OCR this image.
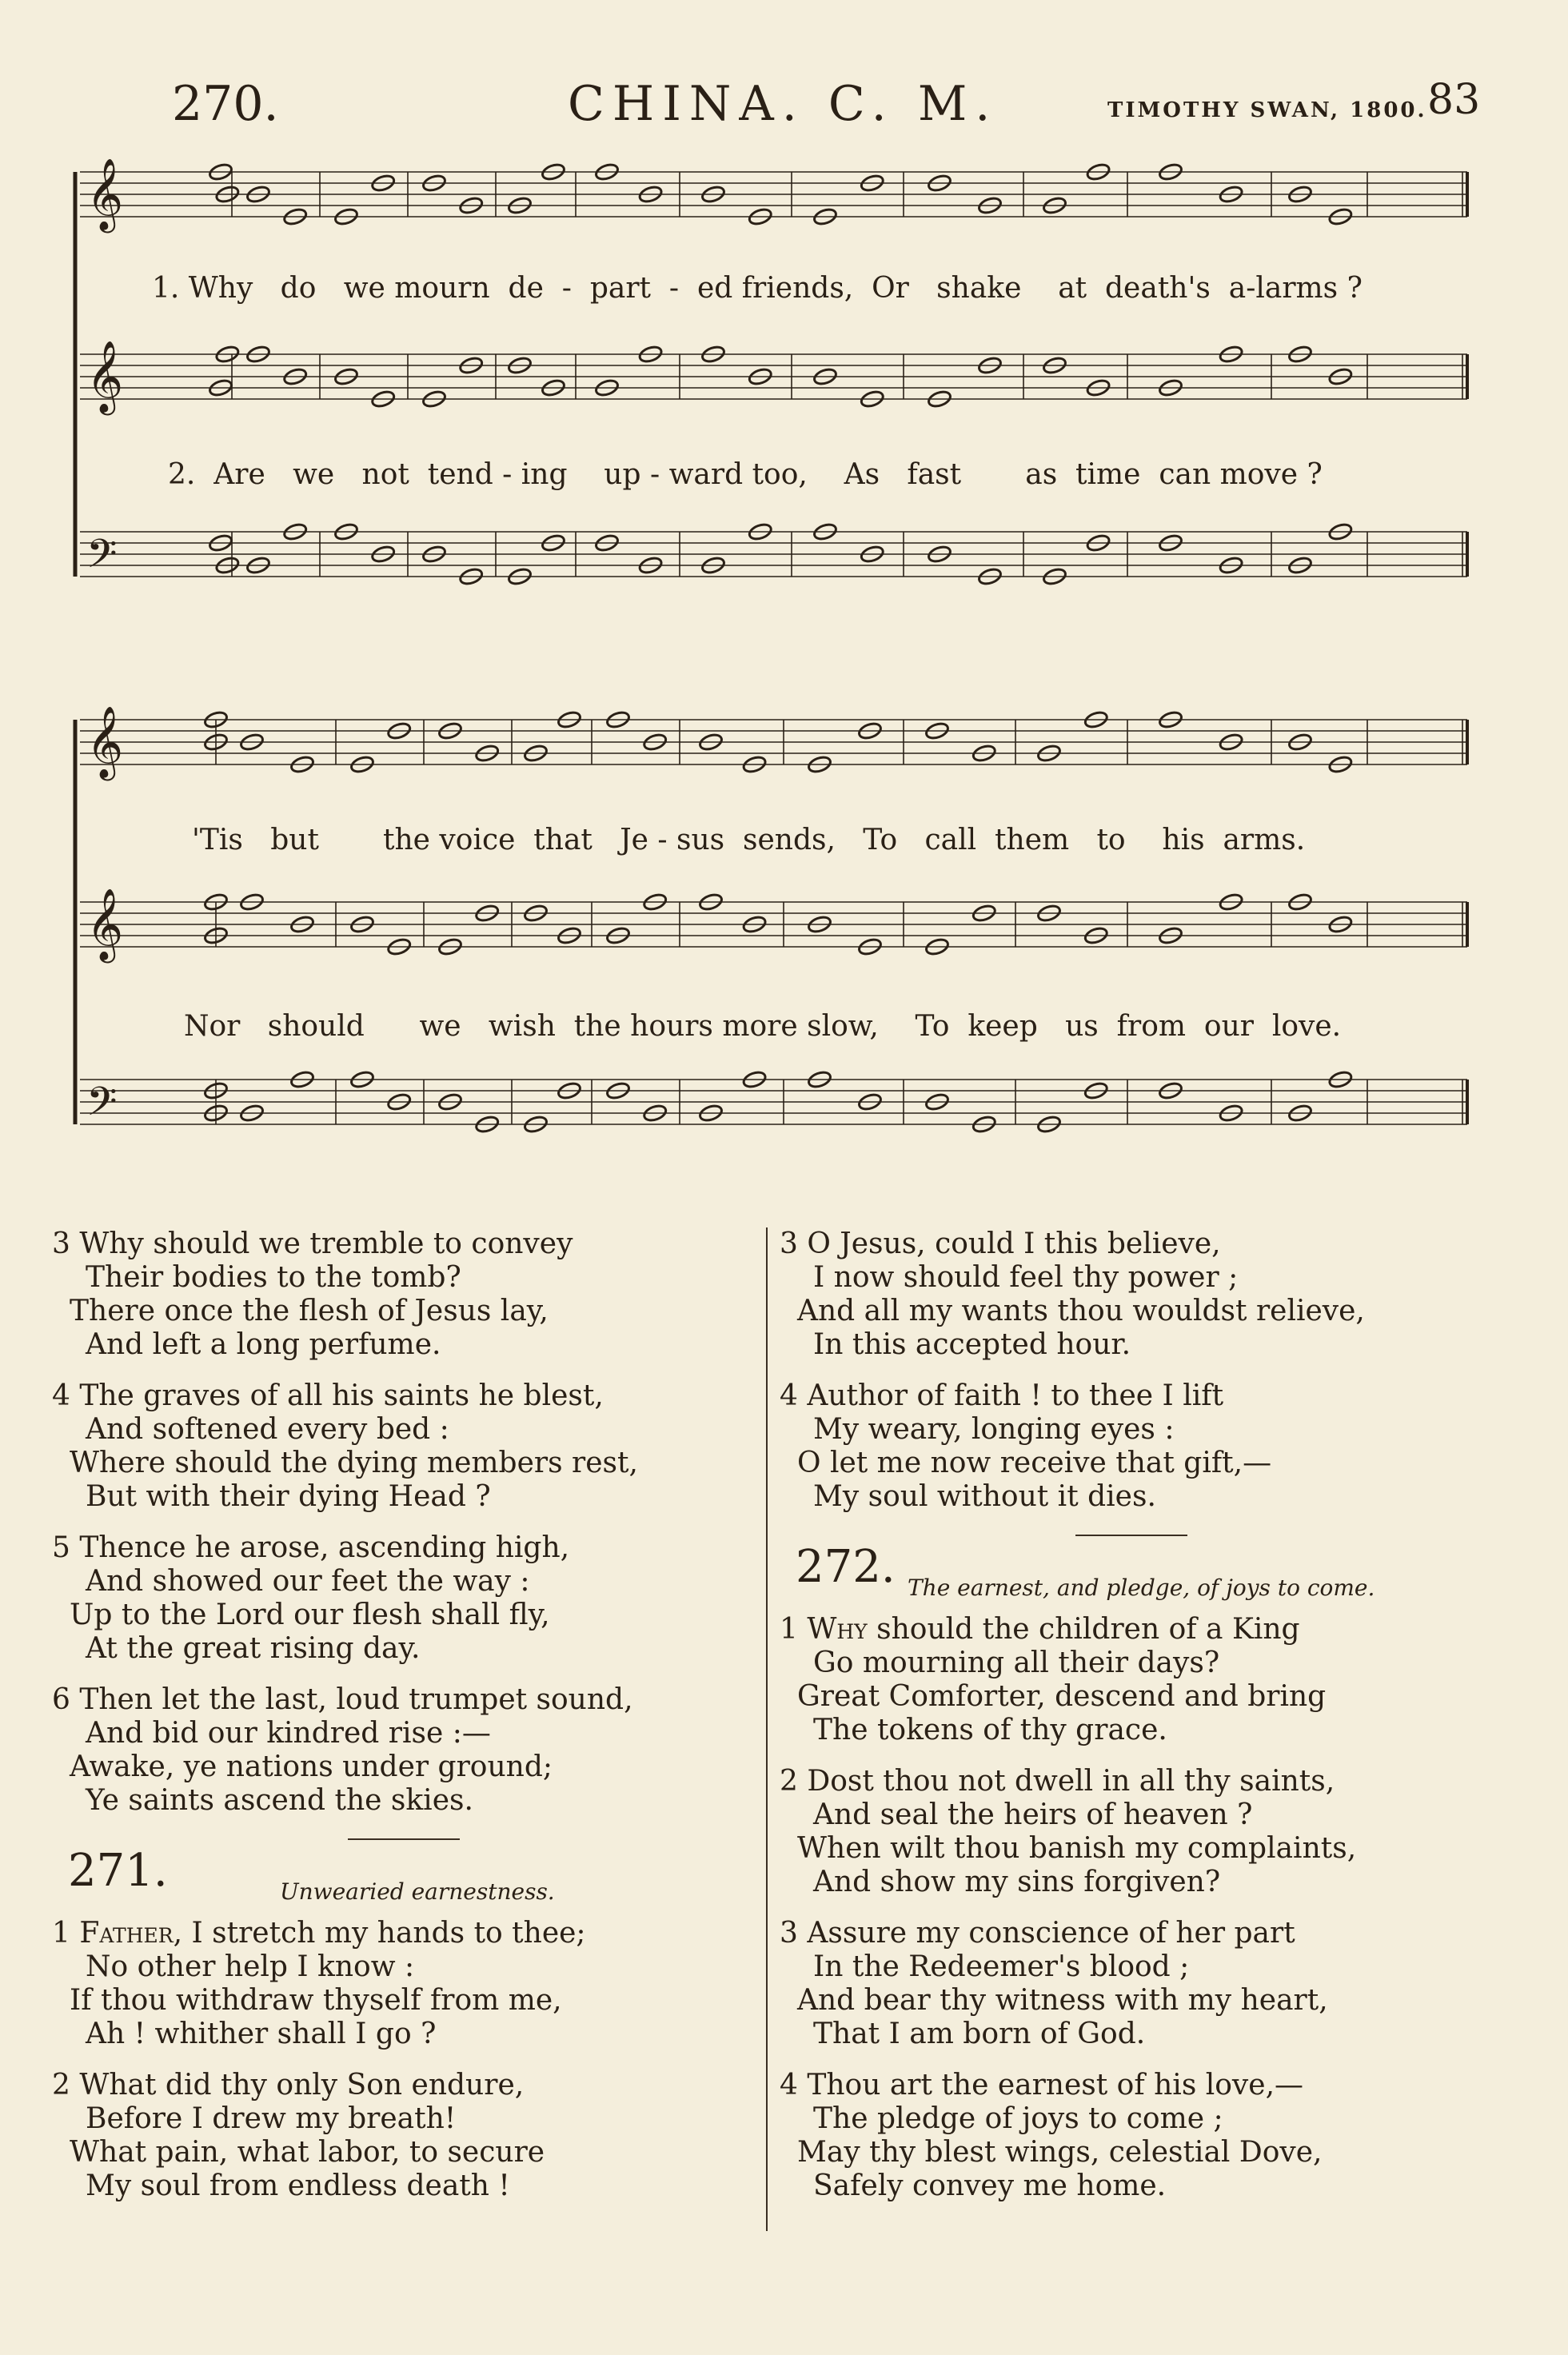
270.	CHINA. C. M.	TIMOTHY SWAN, 1800. 83
𝄞
𝄞
𝄢
1. Why   do   we mourn  de  -  part  -  ed friends,  Or   shake    at  death's  a-larms ?
2.  Are   we   not  tend - ing    up - ward too,    As   fast       as  time  can move ?
𝄞
𝄞
𝄢
'Tis   but       the voice  that   Je - sus  sends,   To   call  them   to    his  arms.
Nor   should      we   wish  the hours more slow,    To  keep   us  from  our  love.
3 Why should we tremble to convey
Their bodies to the tomb?
There once the flesh of Jesus lay,
And left a long perfume.
4 The graves of all his saints he blest,
And softened every bed :
Where should the dying members rest,
But with their dying Head ?
5 Thence he arose, ascending high,
And showed our feet the way :
Up to the Lord our flesh shall fly,
At the great rising day.
6 Then let the last, loud trumpet sound,
And bid our kindred rise :—
Awake, ye nations under ground;
Ye saints ascend the skies.
271.	Unwearied earnestness.
1 Father, I stretch my hands to thee;
No other help I know :
If thou withdraw thyself from me,
Ah ! whither shall I go ?
2 What did thy only Son endure,
Before I drew my breath!
What pain, what labor, to secure
My soul from endless death !
3 O Jesus, could I this believe,
I now should feel thy power ;
And all my wants thou wouldst relieve,
In this accepted hour.
4 Author of faith ! to thee I lift
My weary, longing eyes :
O let me now receive that gift,—
My soul without it dies.
272. The earnest, and pledge, of joys to come.
1 Why should the children of a King
Go mourning all their days?
Great Comforter, descend and bring
The tokens of thy grace.
2 Dost thou not dwell in all thy saints,
And seal the heirs of heaven ?
When wilt thou banish my complaints,
And show my sins forgiven?
3 Assure my conscience of her part
In the Redeemer's blood ;
And bear thy witness with my heart,
That I am born of God.
4 Thou art the earnest of his love,—
The pledge of joys to come ;
May thy blest wings, celestial Dove,
Safely convey me home.
